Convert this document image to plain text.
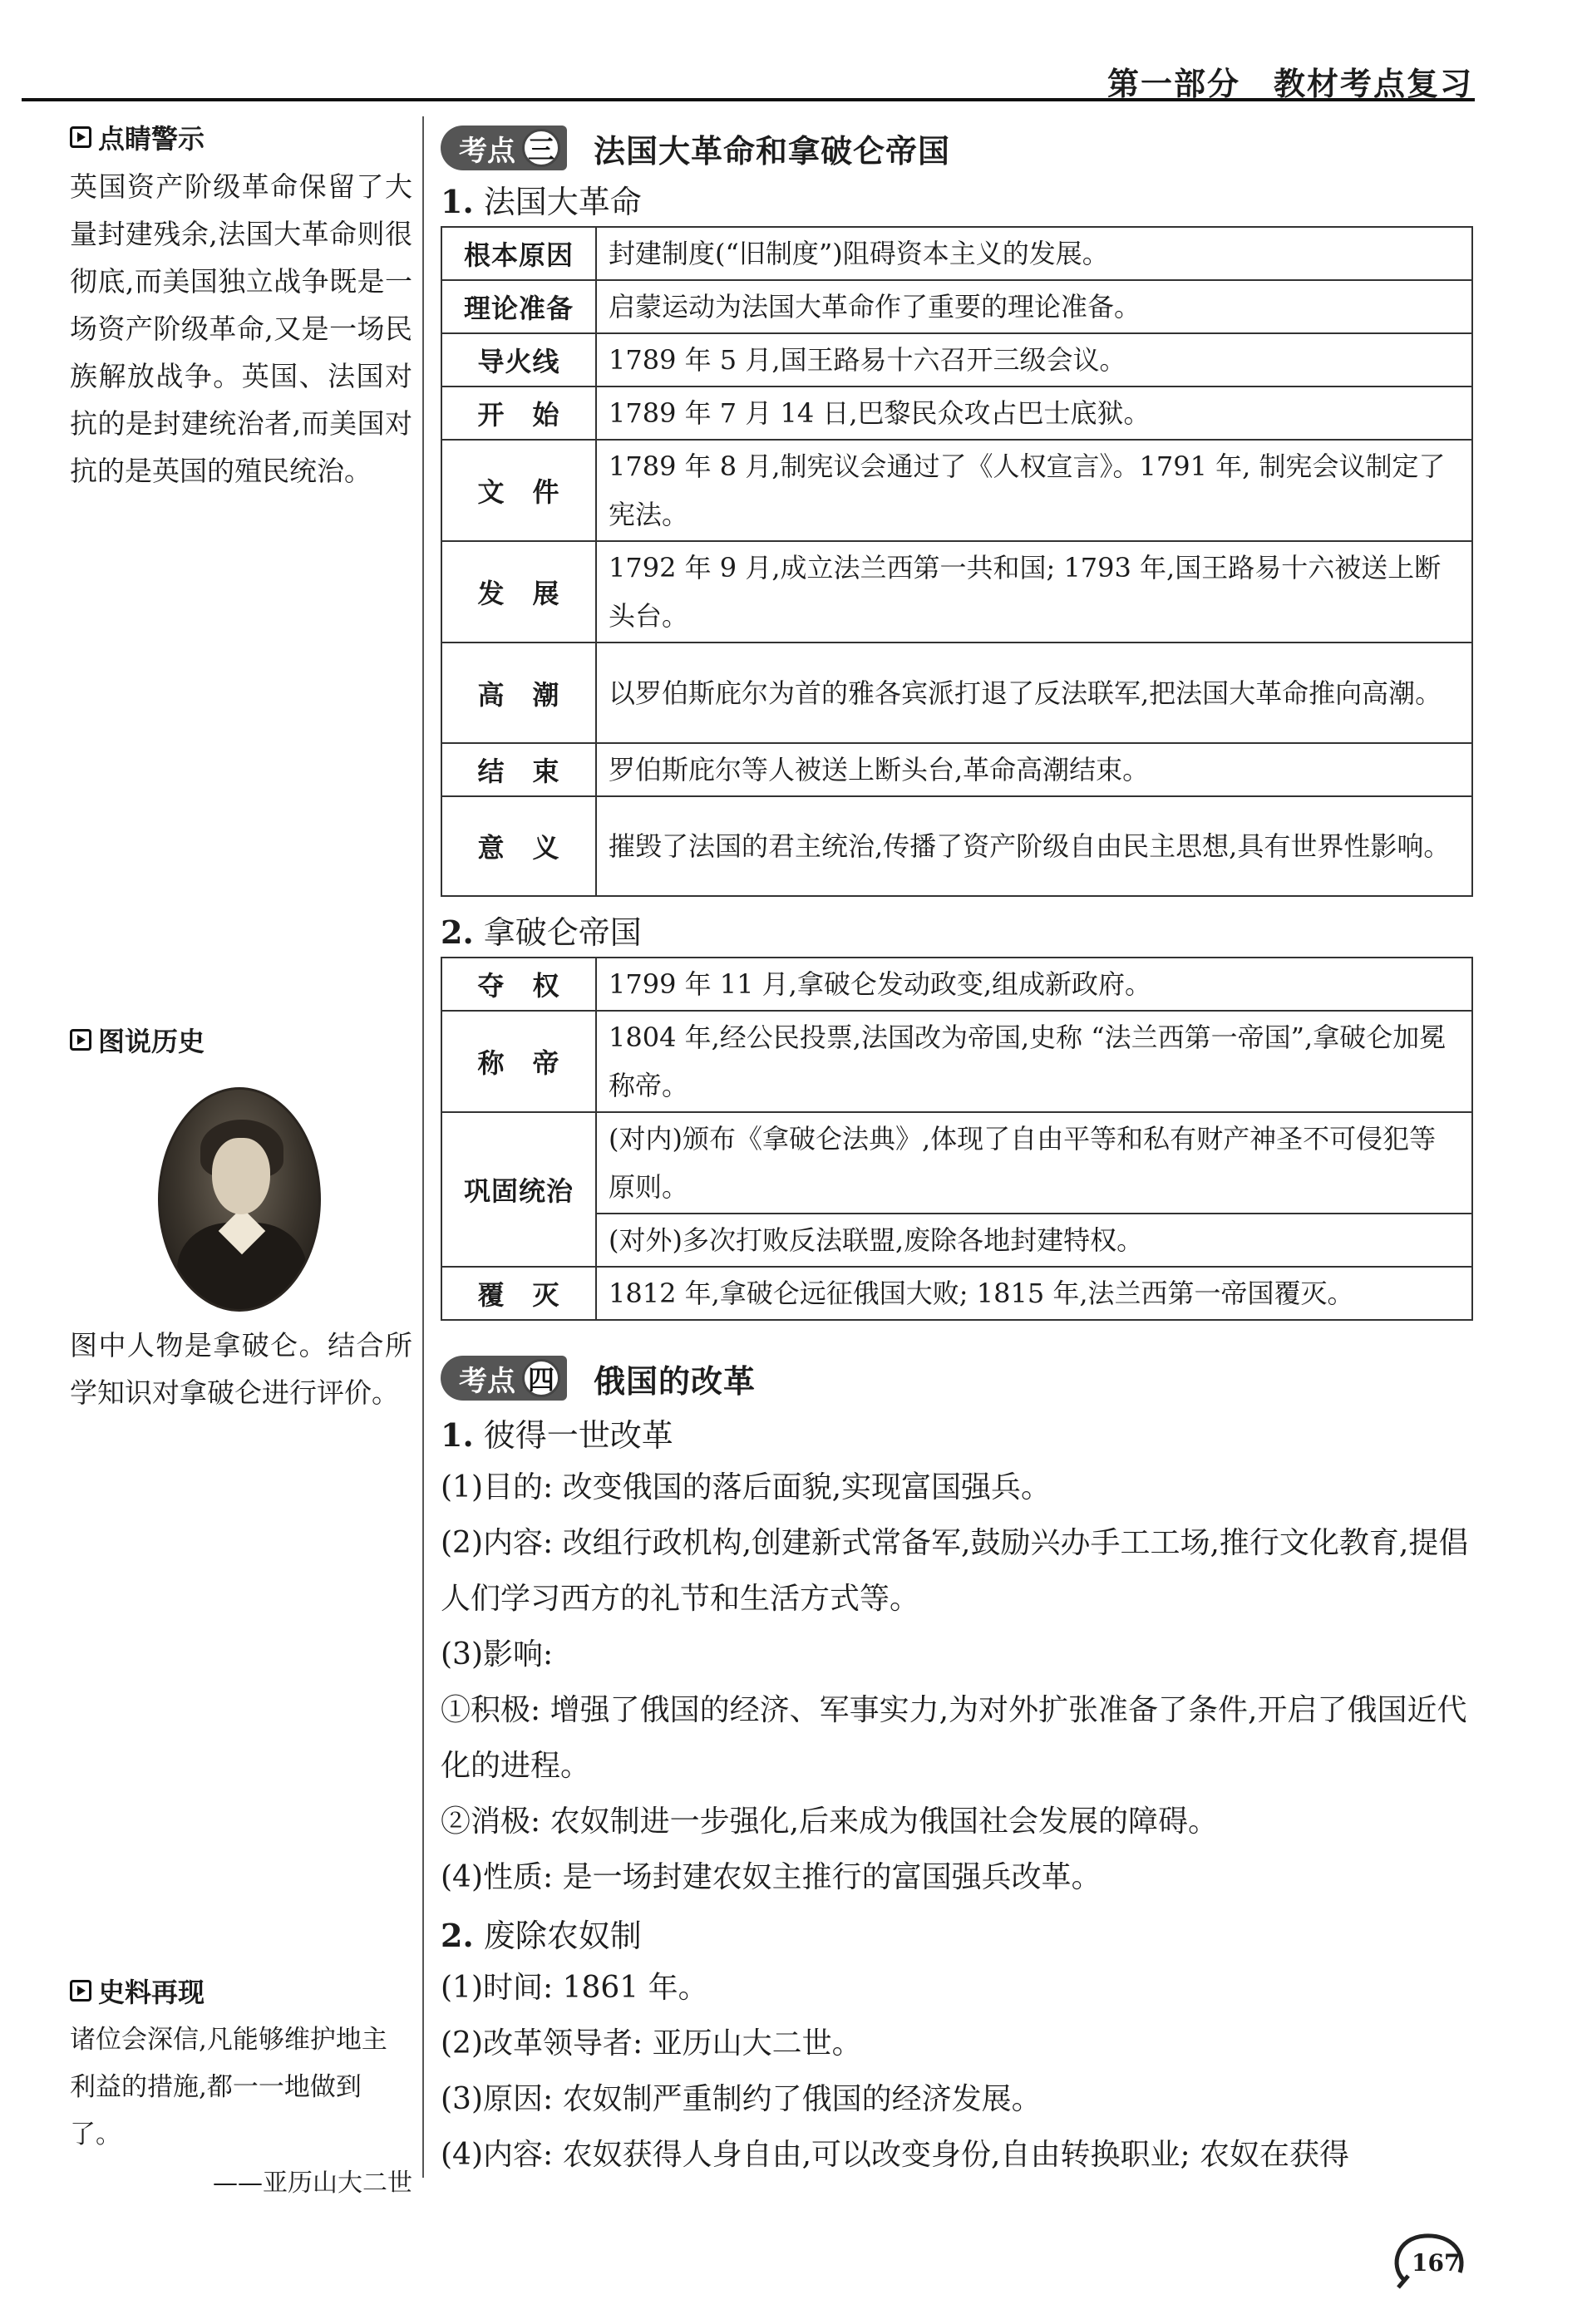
第一部分　教材考点复习
点睛警示
英国资产阶级革命保留了大量封建残余,法国大革命则很彻底,而美国独立战争既是一场资产阶级革命,又是一场民族解放战争。英国、法国对抗的是封建统治者,而美国对抗的是英国的殖民统治。
图说历史
图中人物是拿破仑。结合所学知识对拿破仑进行评价。
史料再现
诸位会深信,凡能够维护地主利益的措施,都一一地做到了。
——亚历山大二世
考点 三 法国大革命和拿破仑帝国
1. 法国大革命
根本原因	封建制度(“旧制度”)阻碍资本主义的发展。
理论准备	启蒙运动为法国大革命作了重要的理论准备。
导火线	1789 年 5 月,国王路易十六召开三级会议。
开　始	1789 年 7 月 14 日,巴黎民众攻占巴士底狱。
文　件	1789 年 8 月,制宪议会通过了《人权宣言》。1791 年, 制宪会议制定了宪法。
发　展	1792 年 9 月,成立法兰西第一共和国; 1793 年,国王路易十六被送上断头台。
高　潮	以罗伯斯庇尔为首的雅各宾派打退了反法联军,把法国大革命推向高潮。
结　束	罗伯斯庇尔等人被送上断头台,革命高潮结束。
意　义	摧毁了法国的君主统治,传播了资产阶级自由民主思想,具有世界性影响。
2. 拿破仑帝国
夺　权	1799 年 11 月,拿破仑发动政变,组成新政府。
称　帝	1804 年,经公民投票,法国改为帝国,史称 “法兰西第一帝国”,拿破仑加冕称帝。
巩固统治	(对内)颁布《拿破仑法典》,体现了自由平等和私有财产神圣不可侵犯等原则。
	(对外)多次打败反法联盟,废除各地封建特权。
覆　灭	1812 年,拿破仑远征俄国大败; 1815 年,法兰西第一帝国覆灭。
考点 四 俄国的改革
1. 彼得一世改革
(1)目的: 改变俄国的落后面貌,实现富国强兵。
(2)内容: 改组行政机构,创建新式常备军,鼓励兴办手工工场,推行文化教育,提倡人们学习西方的礼节和生活方式等。
(3)影响:
①积极: 增强了俄国的经济、军事实力,为对外扩张准备了条件,开启了俄国近代化的进程。
②消极: 农奴制进一步强化,后来成为俄国社会发展的障碍。
(4)性质: 是一场封建农奴主推行的富国强兵改革。
2. 废除农奴制
(1)时间: 1861 年。
(2)改革领导者: 亚历山大二世。
(3)原因: 农奴制严重制约了俄国的经济发展。
(4)内容: 农奴获得人身自由,可以改变身份,自由转换职业; 农奴在获得
167
